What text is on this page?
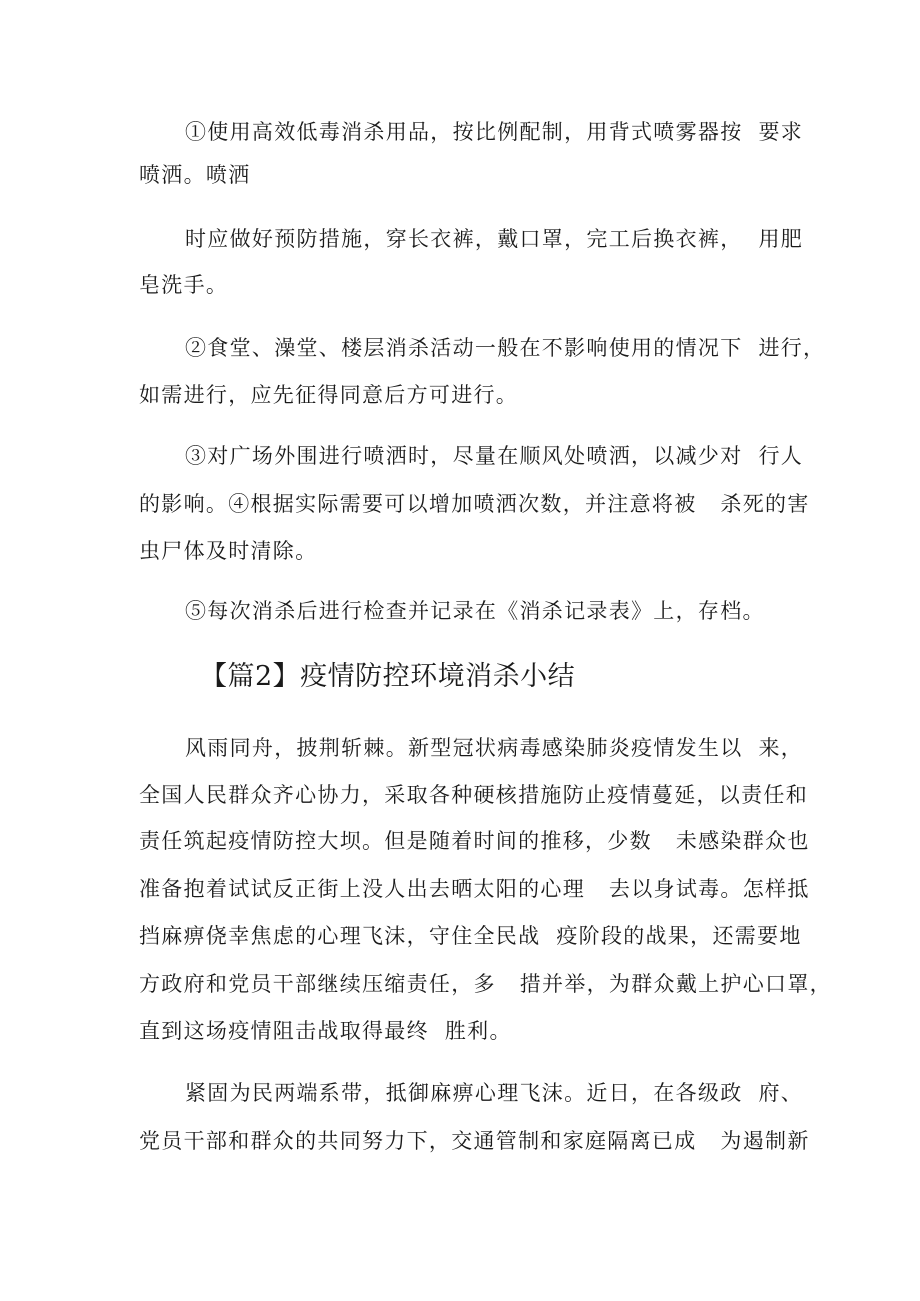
①使用高效低毒消杀用品，按比例配制，用背式喷雾器按  要求
喷洒。喷洒
时应做好预防措施，穿长衣裤，戴口罩，完工后换衣裤，  用肥
皂洗手。
②食堂、澡堂、楼层消杀活动一般在不影响使用的情况下  进行，
如需进行，应先征得同意后方可进行。
③对广场外围进行喷洒时，尽量在顺风处喷洒，以减少对  行人
的影响。④根据实际需要可以增加喷洒次数，并注意将被   杀死的害
虫尸体及时清除。
⑤每次消杀后进行检查并记录在《消杀记录表》上，存档。
【篇2】疫情防控环境消杀小结
风雨同舟，披荆斩棘。新型冠状病毒感染肺炎疫情发生以  来，
全国人民群众齐心协力，采取各种硬核措施防止疫情蔓延，以责任和
责任筑起疫情防控大坝。但是随着时间的推移，少数   未感染群众也
准备抱着试试反正街上没人出去晒太阳的心理   去以身试毒。怎样抵
挡麻痹侥幸焦虑的心理飞沫，守住全民战  疫阶段的战果，还需要地
方政府和党员干部继续压缩责任，多   措并举，为群众戴上护心口罩，
直到这场疫情阻击战取得最终  胜利。
紧固为民两端系带，抵御麻痹心理飞沫。近日，在各级政  府、
党员干部和群众的共同努力下，交通管制和家庭隔离已成   为遏制新
